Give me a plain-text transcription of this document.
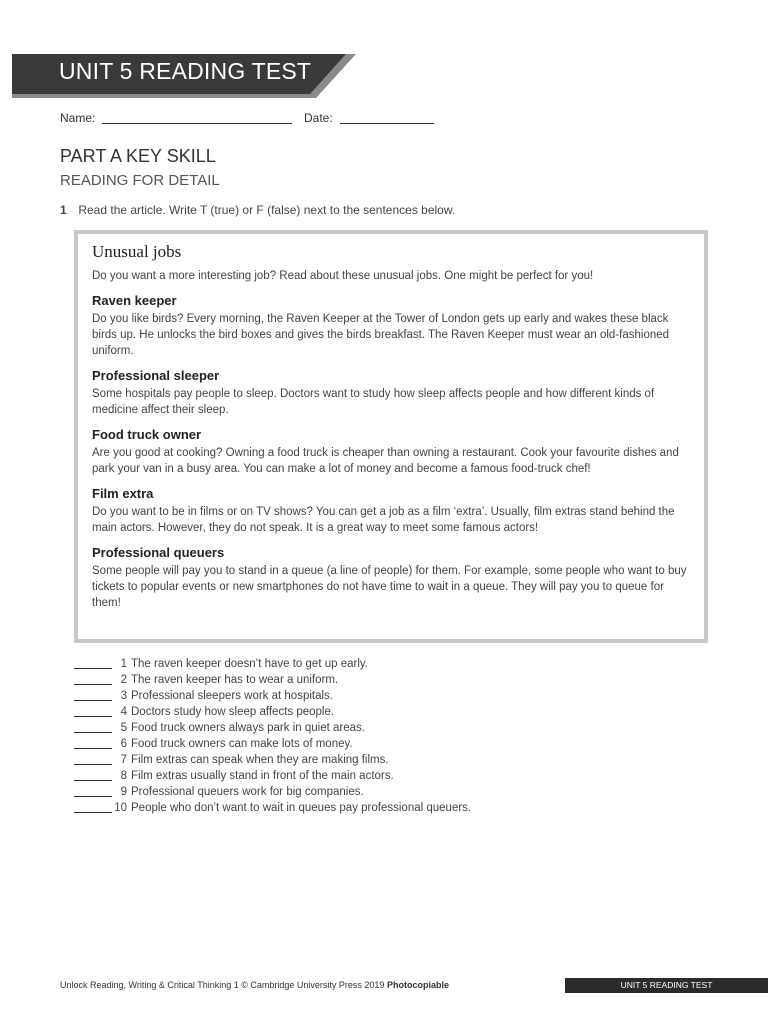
UNIT 5 READING TEST
Name:	Date:
PART A KEY SKILL
READING FOR DETAIL
1 Read the article. Write T (true) or F (false) next to the sentences below.
Unusual jobs
Do you want a more interesting job? Read about these unusual jobs. One might be perfect for you!
Raven keeper
Do you like birds? Every morning, the Raven Keeper at the Tower of London gets up early and wakes these black birds up. He unlocks the bird boxes and gives the birds breakfast. The Raven Keeper must wear an old-fashioned uniform.
Professional sleeper
Some hospitals pay people to sleep. Doctors want to study how sleep affects people and how different kinds of medicine affect their sleep.
Food truck owner
Are you good at cooking? Owning a food truck is cheaper than owning a restaurant. Cook your favourite dishes and park your van in a busy area. You can make a lot of money and become a famous food-truck chef!
Film extra
Do you want to be in films or on TV shows? You can get a job as a film ‘extra’. Usually, film extras stand behind the main actors. However, they do not speak. It is a great way to meet some famous actors!
Professional queuers
Some people will pay you to stand in a queue (a line of people) for them. For example, some people who want to buy tickets to popular events or new smartphones do not have time to wait in a queue. They will pay you to queue for them!
1 The raven keeper doesn’t have to get up early.
2 The raven keeper has to wear a uniform.
3 Professional sleepers work at hospitals.
4 Doctors study how sleep affects people.
5 Food truck owners always park in quiet areas.
6 Food truck owners can make lots of money.
7 Film extras can speak when they are making films.
8 Film extras usually stand in front of the main actors.
9 Professional queuers work for big companies.
10 People who don’t want to wait in queues pay professional queuers.
Unlock Reading, Writing & Critical Thinking 1 © Cambridge University Press 2019 Photocopiable	UNIT 5 READING TEST
